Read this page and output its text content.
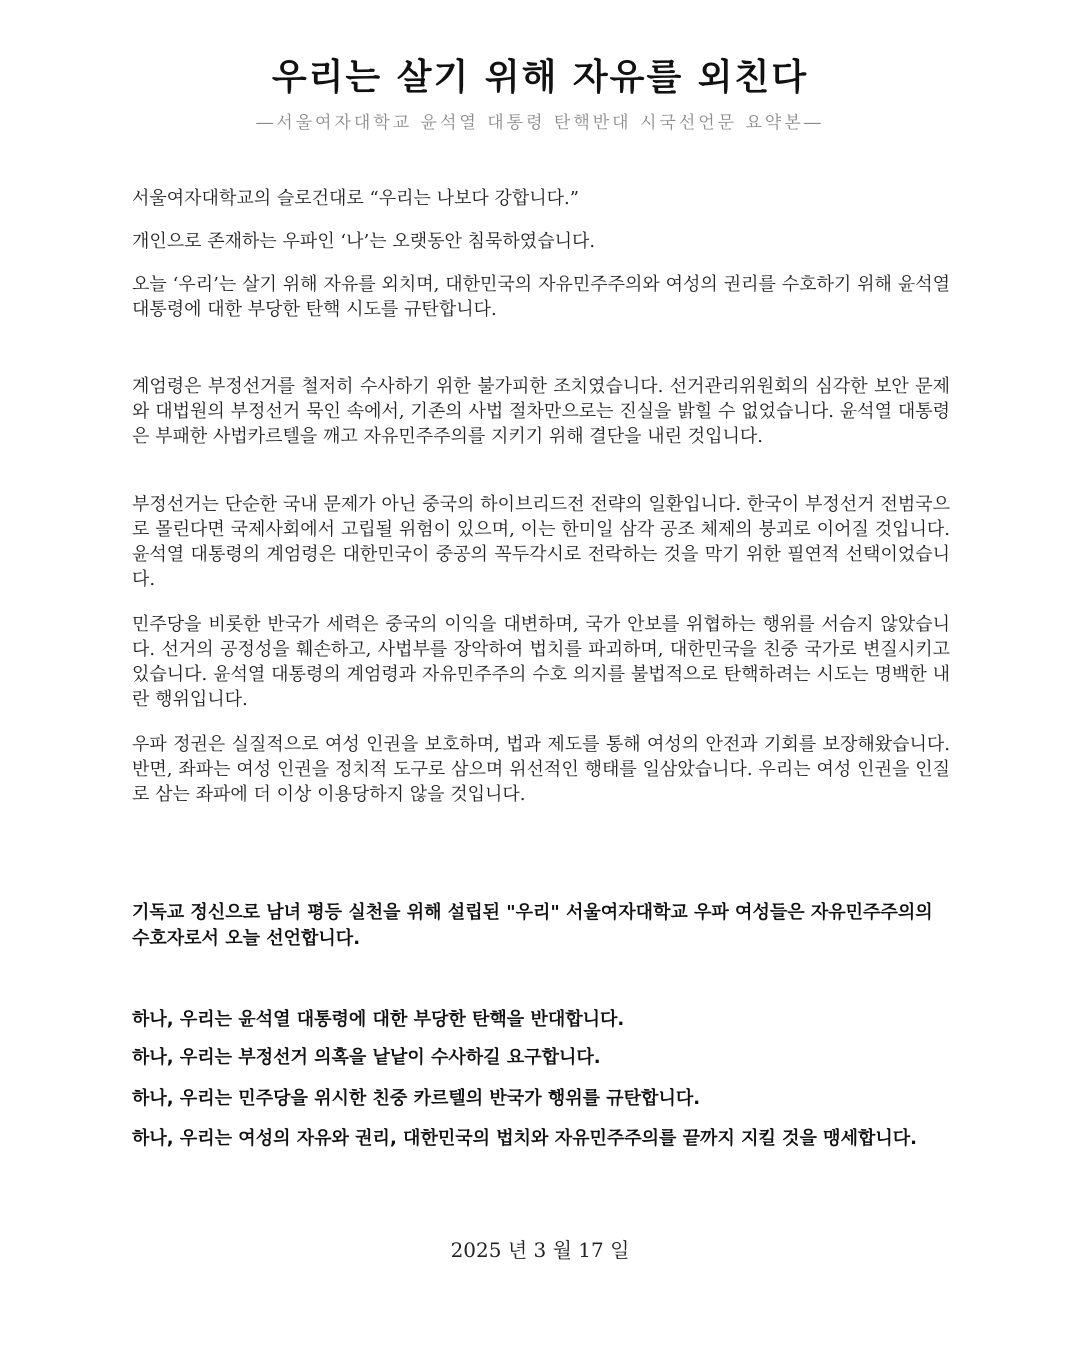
우리는 살기 위해 자유를 외친다
―서울여자대학교 윤석열 대통령 탄핵반대 시국선언문 요약본―

서울여자대학교의 슬로건대로 “우리는 나보다 강합니다.”

개인으로 존재하는 우파인 ‘나’는 오랫동안 침묵하였습니다.

오늘 ‘우리’는 살기 위해 자유를 외치며, 대한민국의 자유민주주의와 여성의 권리를 수호하기 위해 윤석열 대통령에 대한 부당한 탄핵 시도를 규탄합니다.

계엄령은 부정선거를 철저히 수사하기 위한 불가피한 조치였습니다. 선거관리위원회의 심각한 보안 문제와 대법원의 부정선거 묵인 속에서, 기존의 사법 절차만으로는 진실을 밝힐 수 없었습니다. 윤석열 대통령은 부패한 사법카르텔을 깨고 자유민주주의를 지키기 위해 결단을 내린 것입니다.

부정선거는 단순한 국내 문제가 아닌 중국의 하이브리드전 전략의 일환입니다. 한국이 부정선거 전범국으로 몰린다면 국제사회에서 고립될 위험이 있으며, 이는 한미일 삼각 공조 체제의 붕괴로 이어질 것입니다. 윤석열 대통령의 계엄령은 대한민국이 중공의 꼭두각시로 전락하는 것을 막기 위한 필연적 선택이었습니다.

민주당을 비롯한 반국가 세력은 중국의 이익을 대변하며, 국가 안보를 위협하는 행위를 서슴지 않았습니다. 선거의 공정성을 훼손하고, 사법부를 장악하여 법치를 파괴하며, 대한민국을 친중 국가로 변질시키고 있습니다. 윤석열 대통령의 계엄령과 자유민주주의 수호 의지를 불법적으로 탄핵하려는 시도는 명백한 내란 행위입니다.

우파 정권은 실질적으로 여성 인권을 보호하며, 법과 제도를 통해 여성의 안전과 기회를 보장해왔습니다. 반면, 좌파는 여성 인권을 정치적 도구로 삼으며 위선적인 행태를 일삼았습니다. 우리는 여성 인권을 인질로 삼는 좌파에 더 이상 이용당하지 않을 것입니다.

기독교 정신으로 남녀 평등 실천을 위해 설립된 "우리" 서울여자대학교 우파 여성들은 자유민주주의의 수호자로서 오늘 선언합니다.

하나, 우리는 윤석열 대통령에 대한 부당한 탄핵을 반대합니다.

하나, 우리는 부정선거 의혹을 낱낱이 수사하길 요구합니다.

하나, 우리는 민주당을 위시한 친중 카르텔의 반국가 행위를 규탄합니다.

하나, 우리는 여성의 자유와 권리, 대한민국의 법치와 자유민주주의를 끝까지 지킬 것을 맹세합니다.

2025 년 3 월 17 일
